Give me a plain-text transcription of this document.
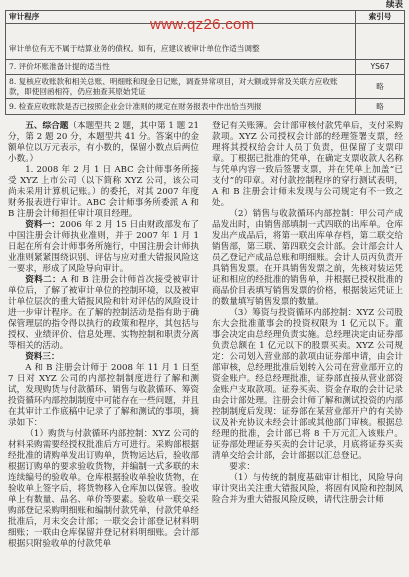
续表
审计程序	索引号
审计单位有无不属于结算业务的债权。如有，应建议被审计单位作适当调整	
7. 评价坏账准备计提的适当性	YS67
8. 复核应收账款和相关总账、明细账和现金日记账，调查异常项目，对大额或异常及关联方应收账款，即使回函相符，仍应抽查其原始凭证	略
9. 检查应收账款是否已按照企业会计准则的规定在财务报表中作出恰当列报	略
www.qz26.com

五、综合题（本题型共 2 题，其中第 1 题 21 分，第 2 题 20 分，本题型共 41 分。答案中的金额单位以万元表示，有小数的，保留小数点后两位小数。）

1. 2008 年 2 月 1 日 ABC 会计师事务所接受 XYZ 上市公司（以下简称 XYZ 公司，该公司尚未采用计算机记账。）的委托，对其 2007 年度财务报表进行审计。ABC 会计师事务所委派 A 和 B 注册会计师担任审计项目经理。

资料一：2006 年 2 月 15 日由财政部发布了中国注册会计师执业准则，并于 2007 年 1 月 1 日起在所有会计师事务所施行，中国注册会计师执业准则紧紧围绕识别、评估与应对重大错报风险这一要求，形成了风险导向审计。

资料二：A 和 B 注册会计师首次接受被审计单位后，了解了被审计单位的控制环境，以及被审计单位层次的重大错报风险和针对评估的风险设计进一步审计程序。在了解的控制活动是指有助于确保管理层的指令得以执行的政策和程序，其包括与授权、业绩评价、信息处理、实物控制和职责分离等相关的活动。

资料三：

A 和 B 注册会计师于 2008 年 11 月 1 日至 7 日对 XYZ 公司的内部控制制度进行了解和测试，发现购货与付款循环、销售与收款循环、筹资投资循环内部控制制度中可能存在一些问题，并且在其审计工作底稿中记录了了解和测试的事项，摘录如下：

（1）购货与付款循环内部控制：XYZ 公司的材料采购需要经授权批准后方可进行。采购部根据经批准的请购单发出订购单，货物运达后，验收部根据订购单的要求验收货物，并编制一式多联的未连续编号的验收单。仓库根据验收单验收货物，在验收单上签字后，将货物移入仓库加以保管。验收单上有数量、品名、单价等要素。验收单一联交采购部登记采购明细账和编制付款凭单，付款凭单经批准后，月末交会计部；一联交会计部登记材料明细账；一联由仓库保留并登记材料明细账。会计部根据只附验收单的付款凭单

登记有关账簿。会计部审核付款凭单后，支付采购款项。XYZ 公司授权会计部的经理签署支票，经理将其授权给会计人员丁负责，但保留了支票印章。丁根据已批准的凭单，在确定支票收款人名称与凭单内容一致后签署支票，并在凭单上加盖“已支付”的印章。对付款控制程序的穿行测试表明，A 和 B 注册会计师未发现与公司规定有不一致之处。

（2）销售与收款循环内部控制：甲公司产成品发出时，由销售部填制一式四联的出库单。仓库发出产成品后，将第一联出库单存档，第二联交给销售部，第三联、第四联交会计部。会计部会计人员乙登记产成品总账和明细账。会计人员丙负责开具销售发票。在开具销售发票之前，先核对装运凭证和相应的经批准的销售单，并根据已授权批准的商品价目表填写销售发票的价格，根据装运凭证上的数量填写销售发票的数量。

（3）筹资与投资循环内部控制：XYZ 公司股东大会批准董事会的投资权限为 1 亿元以下。董事会决定由总经理负责实施。总经理决定由证券部负责总额在 1 亿元以下的股票买卖。XYZ 公司规定：公司划入营业部的款项由证券部申请，由会计部审核，总经理批准后划转入公司在营业部开立的资金账户。经总经理批准，证券部直接从营业部资金账户支取款项。证券买卖、资金存取的会计记录由会计部处理。注册会计师了解和测试投资的内部控制制度后发现：证券部在某营业部开户的有关协议及补充协议未经会计部或其他部门审核。根据总经理的批准，会计部已将 8 千万元汇入该账户。证券部处理证券买卖的会计记录，月底将证券买卖清单交给会计部，会计部据以汇总登记。

要求：

（1）与传统的制度基础审计相比，风险导向审计突出关注重大错报风险，将固有风险和控制风险合并为重大错报风险反映，请代注册会计师
